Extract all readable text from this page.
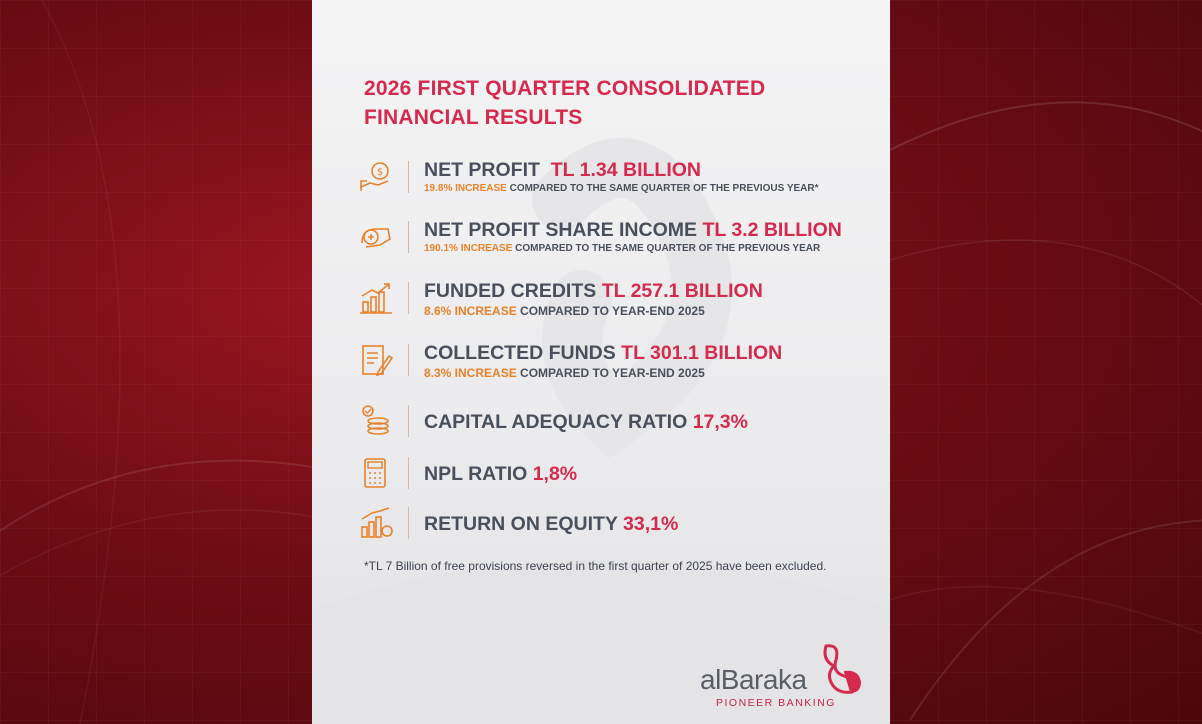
2026 FIRST QUARTER CONSOLIDATED FINANCIAL RESULTS
$ NET PROFIT TL 1.34 BILLION
19.8% INCREASE COMPARED TO THE SAME QUARTER OF THE PREVIOUS YEAR*
NET PROFIT SHARE INCOME TL 3.2 BILLION
190.1% INCREASE COMPARED TO THE SAME QUARTER OF THE PREVIOUS YEAR
FUNDED CREDITS TL 257.1 BILLION
8.6% INCREASE COMPARED TO YEAR-END 2025
COLLECTED FUNDS TL 301.1 BILLION
8.3% INCREASE COMPARED TO YEAR-END 2025
CAPITAL ADEQUACY RATIO 17,3%
NPL RATIO 1,8%
RETURN ON EQUITY 33,1%
*TL 7 Billion of free provisions reversed in the first quarter of 2025 have been excluded.
alBaraka
PIONEER BANKING
